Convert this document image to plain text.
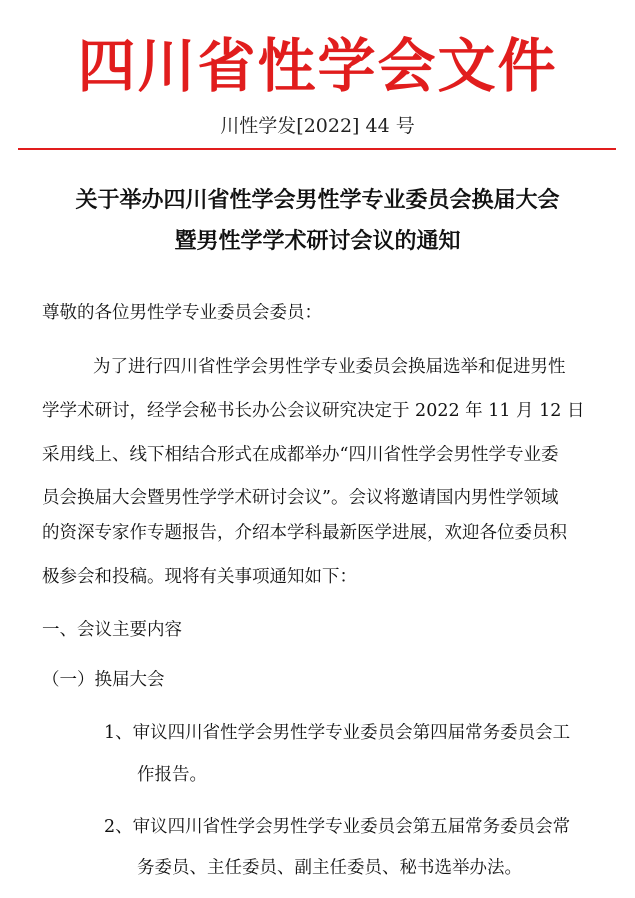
四川省性学会文件
川性学发[2022] 44 号
关于举办四川省性学会男性学专业委员会换届大会
暨男性学学术研讨会议的通知
尊敬的各位男性学专业委员会委员：
为了进行四川省性学会男性学专业委员会换届选举和促进男性
学学术研讨，经学会秘书长办公会议研究决定于 2022 年 11 月 12 日
采用线上、线下相结合形式在成都举办“四川省性学会男性学专业委
员会换届大会暨男性学学术研讨会议”。会议将邀请国内男性学领域
的资深专家作专题报告，介绍本学科最新医学进展，欢迎各位委员积
极参会和投稿。现将有关事项通知如下：
一、会议主要内容
（一）换届大会
1、审议四川省性学会男性学专业委员会第四届常务委员会工
作报告。
2、审议四川省性学会男性学专业委员会第五届常务委员会常
务委员、主任委员、副主任委员、秘书选举办法。
